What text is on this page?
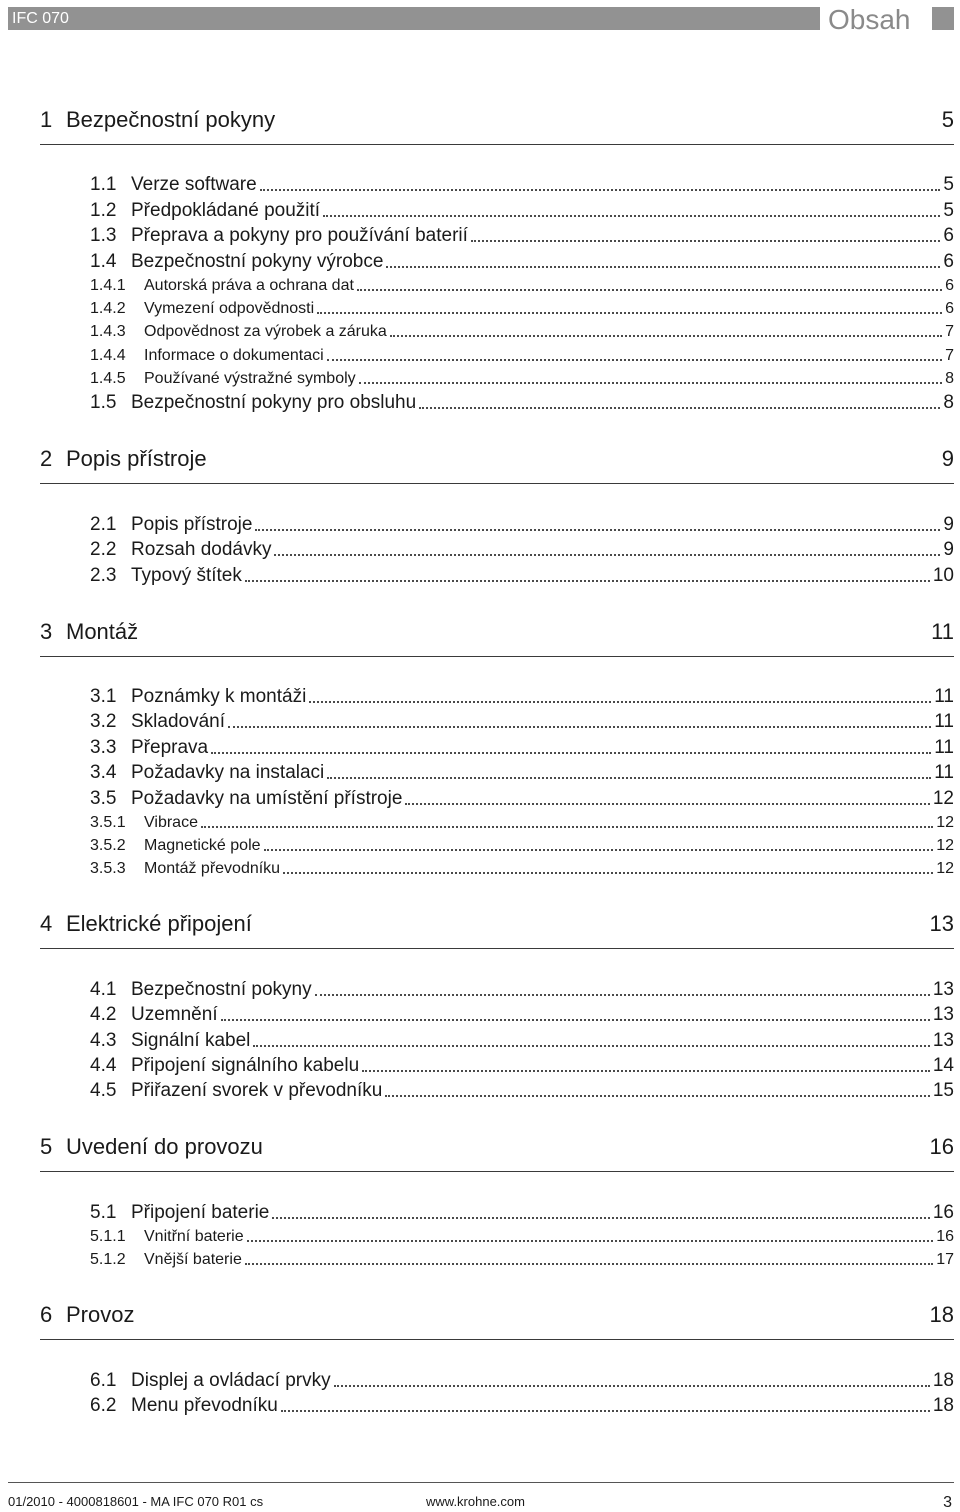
IFC 070	Obsah
1 Bezpečnostní pokyny	5
1.1 Verze software	5
1.2 Předpokládané použití	5
1.3 Přeprava a pokyny pro používání baterií	6
1.4 Bezpečnostní pokyny výrobce	6
1.4.1	Autorská práva a ochrana dat	6
1.4.2	Vymezení odpovědnosti	6
1.4.3	Odpovědnost za výrobek a záruka	7
1.4.4	Informace o dokumentaci	7
1.4.5	Používané výstražné symboly	8
1.5 Bezpečnostní pokyny pro obsluhu	8
2 Popis přístroje	9
2.1 Popis přístroje	9
2.2 Rozsah dodávky	9
2.3 Typový štítek	10
3 Montáž	11
3.1 Poznámky k montáži	11
3.2 Skladování	11
3.3 Přeprava	11
3.4 Požadavky na instalaci	11
3.5 Požadavky na umístění přístroje	12
3.5.1	Vibrace	12
3.5.2	Magnetické pole	12
3.5.3	Montáž převodníku	12
4 Elektrické připojení	13
4.1 Bezpečnostní pokyny	13
4.2 Uzemnění	13
4.3 Signální kabel	13
4.4 Připojení signálního kabelu	14
4.5 Přiřazení svorek v převodníku	15
5 Uvedení do provozu	16
5.1 Připojení baterie	16
5.1.1	Vnitřní baterie	16
5.1.2	Vnější baterie	17
6 Provoz	18
6.1 Displej a ovládací prvky	18
6.2 Menu převodníku	18
01/2010 - 4000818601 - MA IFC 070 R01 cs	www.krohne.com	3
